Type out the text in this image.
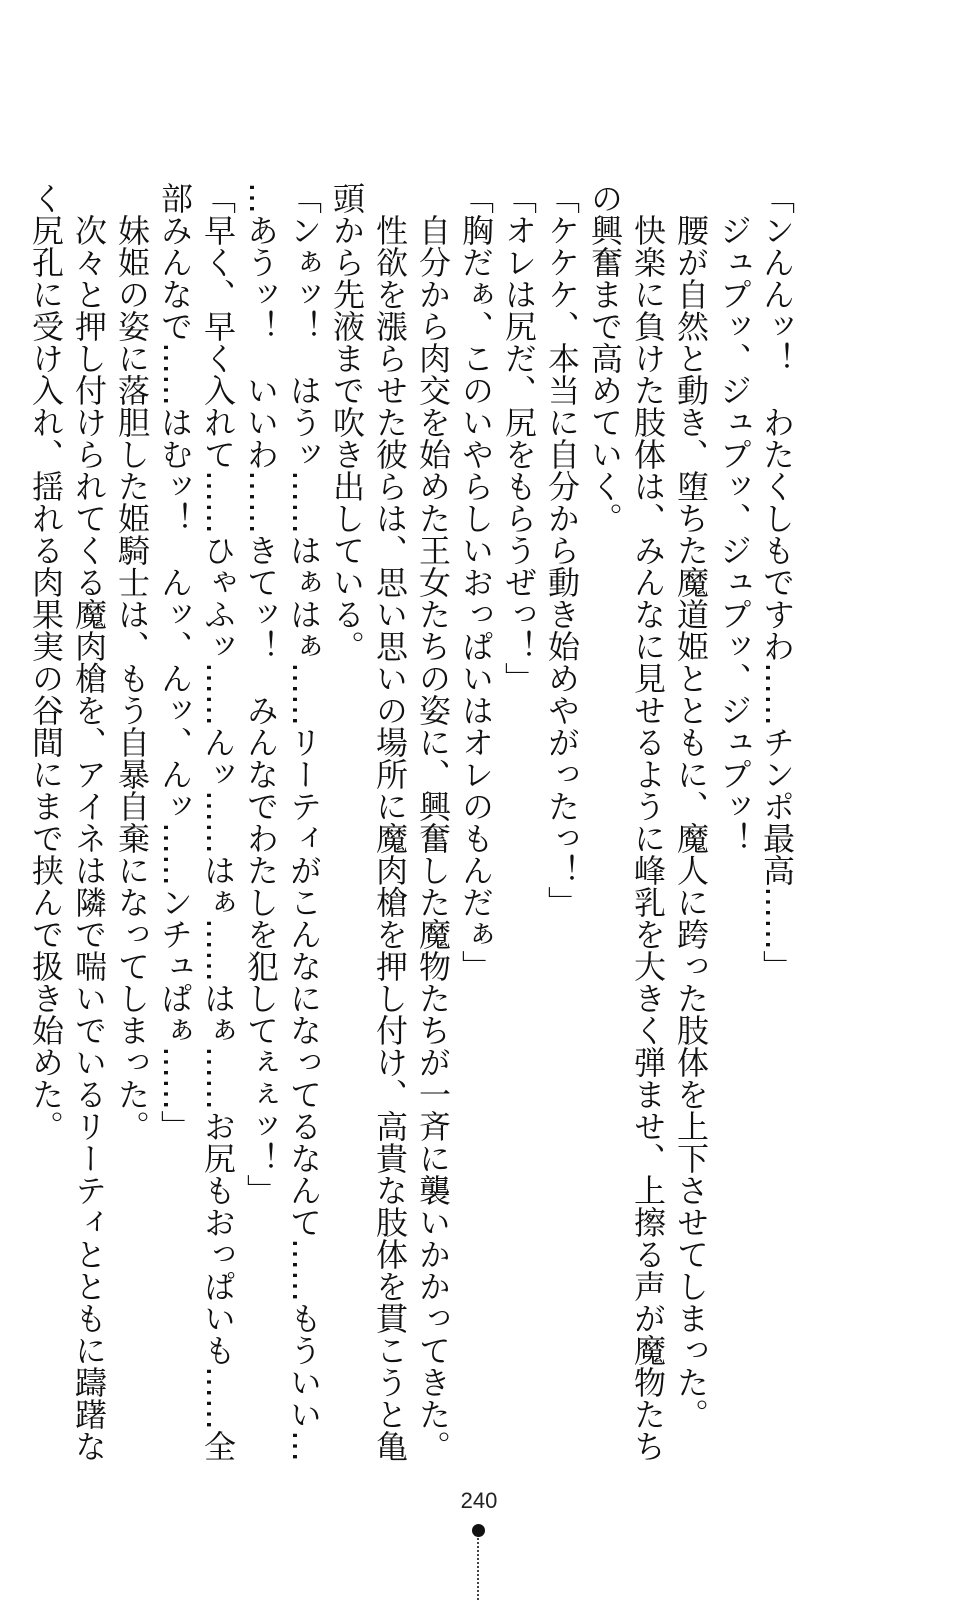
「ンんんッ！　わたくしもですわ……チンポ最高……」
　ジュプッ、ジュプッ、ジュプッ、ジュプッ！
　腰が自然と動き、堕ちた魔道姫とともに、魔人に跨った肢体を上下させてしまった。
　快楽に負けた肢体は、みんなに見せるように峰乳を大きく弾ませ、上擦る声が魔物たち
の興奮まで高めていく。
「ケケケ、本当に自分から動き始めやがったっ！」
「オレは尻だ、尻をもらうぜっ！」
「胸だぁ、このいやらしいおっぱいはオレのもんだぁ」
　自分から肉交を始めた王女たちの姿に、興奮した魔物たちが一斉に襲いかかってきた。
　性欲を漲らせた彼らは、思い思いの場所に魔肉槍を押し付け、高貴な肢体を貫こうと亀
頭から先液まで吹き出している。
「ンぁッ！　はうッ……はぁはぁ……リーティがこんなになってるなんて……もういい…
…あうッ！　いいわ……きてッ！　みんなでわたしを犯してぇぇッ！」
「早く、早く入れて……ひゃふッ……んッ……はぁ……はぁ……お尻もおっぱいも……全
部みんなで……はむッ！　んッ、んッ、んッ……ンチュぱぁ……」
　妹姫の姿に落胆した姫騎士は、もう自暴自棄になってしまった。
　次々と押し付けられてくる魔肉槍を、アイネは隣で喘いでいるリーティとともに躊躇な
く尻孔に受け入れ、揺れる肉果実の谷間にまで挟んで扱き始めた。
240
